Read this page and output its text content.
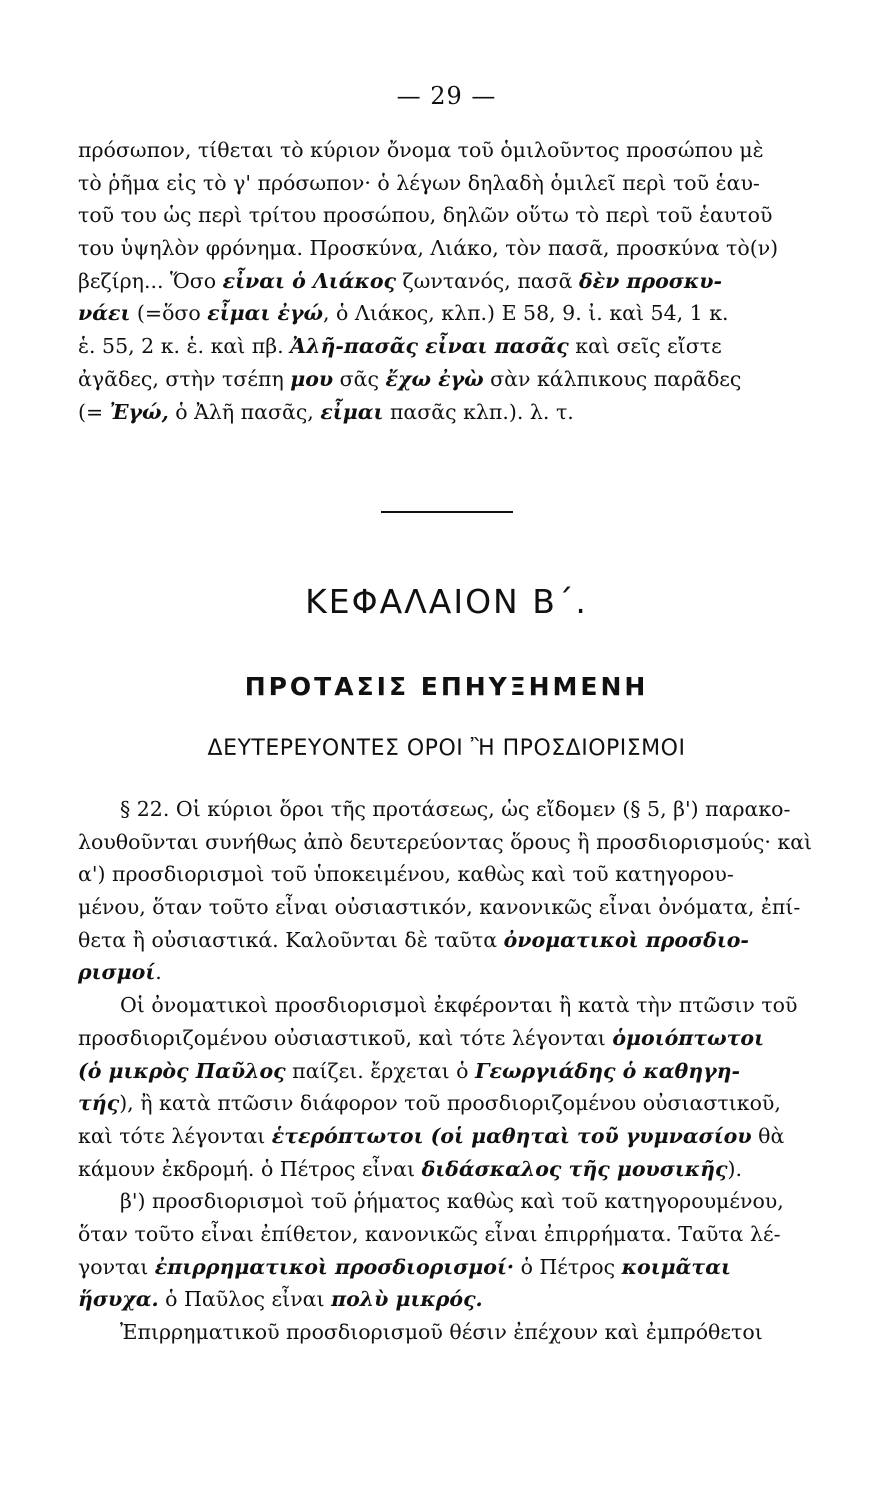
— 29 —
πρόσωπον, τίθεται τὸ κύριον ὄνομα τοῦ ὁμιλοῦντος προσώπου μὲ
τὸ ῥῆμα εἰς τὸ γ' πρόσωπον· ὁ λέγων δηλαδὴ ὁμιλεῖ περὶ τοῦ ἑαυ-
τοῦ του ὡς περὶ τρίτου προσώπου, δηλῶν οὕτω τὸ περὶ τοῦ ἑαυτοῦ
του ὑψηλὸν φρόνημα. Προσκύνα, Λιάκο, τὸν πασᾶ, προσκύνα τὸ(ν)
βεζίρη... Ὅσο εἶναι ὁ Λιάκος ζωντανός, πασᾶ δὲν προσκυ-
νάει (=ὅσο εἶμαι ἐγώ, ὁ Λιάκος, κλπ.) Ε 58, 9. ἰ. καὶ 54, 1 κ.
ἑ. 55, 2 κ. ἑ. καὶ πβ. Ἀλῆ-πασᾶς εἶναι πασᾶς καὶ σεῖς εἴστε
ἀγᾶδες, στὴν τσέπη μου σᾶς ἔχω ἐγὼ σὰν κάλπικους παρᾶδες
(= Ἐγώ, ὁ Ἀλῆ πασᾶς, εἶμαι πασᾶς κλπ.). λ. τ.
ΚΕΦΑΛΑΙΟΝ Β΄.
ΠΡΟΤΑΣΙΣ ΕΠΗΥΞΗΜΕΝΗ
ΔΕΥΤΕΡΕΥΟΝΤΕΣ ΟΡΟΙ Ἢ ΠΡΟΣΔΙΟΡΙΣΜΟΙ
§ 22. Οἱ κύριοι ὅροι τῆς προτάσεως, ὡς εἴδομεν (§ 5, β') παρακο-
λουθοῦνται συνήθως ἀπὸ δευτερεύοντας ὅρους ἢ προσδιορισμούς· καὶ
α') προσδιορισμοὶ τοῦ ὑποκειμένου, καθὼς καὶ τοῦ κατηγορου-
μένου, ὅταν τοῦτο εἶναι οὐσιαστικόν, κανονικῶς εἶναι ὀνόματα, ἐπί-
θετα ἢ οὐσιαστικά. Καλοῦνται δὲ ταῦτα ὀνοματικοὶ προσδιο-
ρισμοί.
Οἱ ὀνοματικοὶ προσδιορισμοὶ ἐκφέρονται ἢ κατὰ τὴν πτῶσιν τοῦ
προσδιοριζομένου οὐσιαστικοῦ, καὶ τότε λέγονται ὁμοιόπτωτοι
(ὁ μικρὸς Παῦλος παίζει. ἔρχεται ὁ Γεωργιάδης ὁ καθηγη-
τής), ἢ κατὰ πτῶσιν διάφορον τοῦ προσδιοριζομένου οὐσιαστικοῦ,
καὶ τότε λέγονται ἑτερόπτωτοι (οἱ μαθηταὶ τοῦ γυμνασίου θὰ
κάμουν ἐκδρομή. ὁ Πέτρος εἶναι διδάσκαλος τῆς μουσικῆς).
β') προσδιορισμοὶ τοῦ ῥήματος καθὼς καὶ τοῦ κατηγορουμένου,
ὅταν τοῦτο εἶναι ἐπίθετον, κανονικῶς εἶναι ἐπιρρήματα. Ταῦτα λέ-
γονται ἐπιρρηματικοὶ προσδιορισμοί· ὁ Πέτρος κοιμᾶται
ἥσυχα. ὁ Παῦλος εἶναι πολὺ μικρός.
Ἐπιρρηματικοῦ προσδιορισμοῦ θέσιν ἐπέχουν καὶ ἐμπρόθετοι
